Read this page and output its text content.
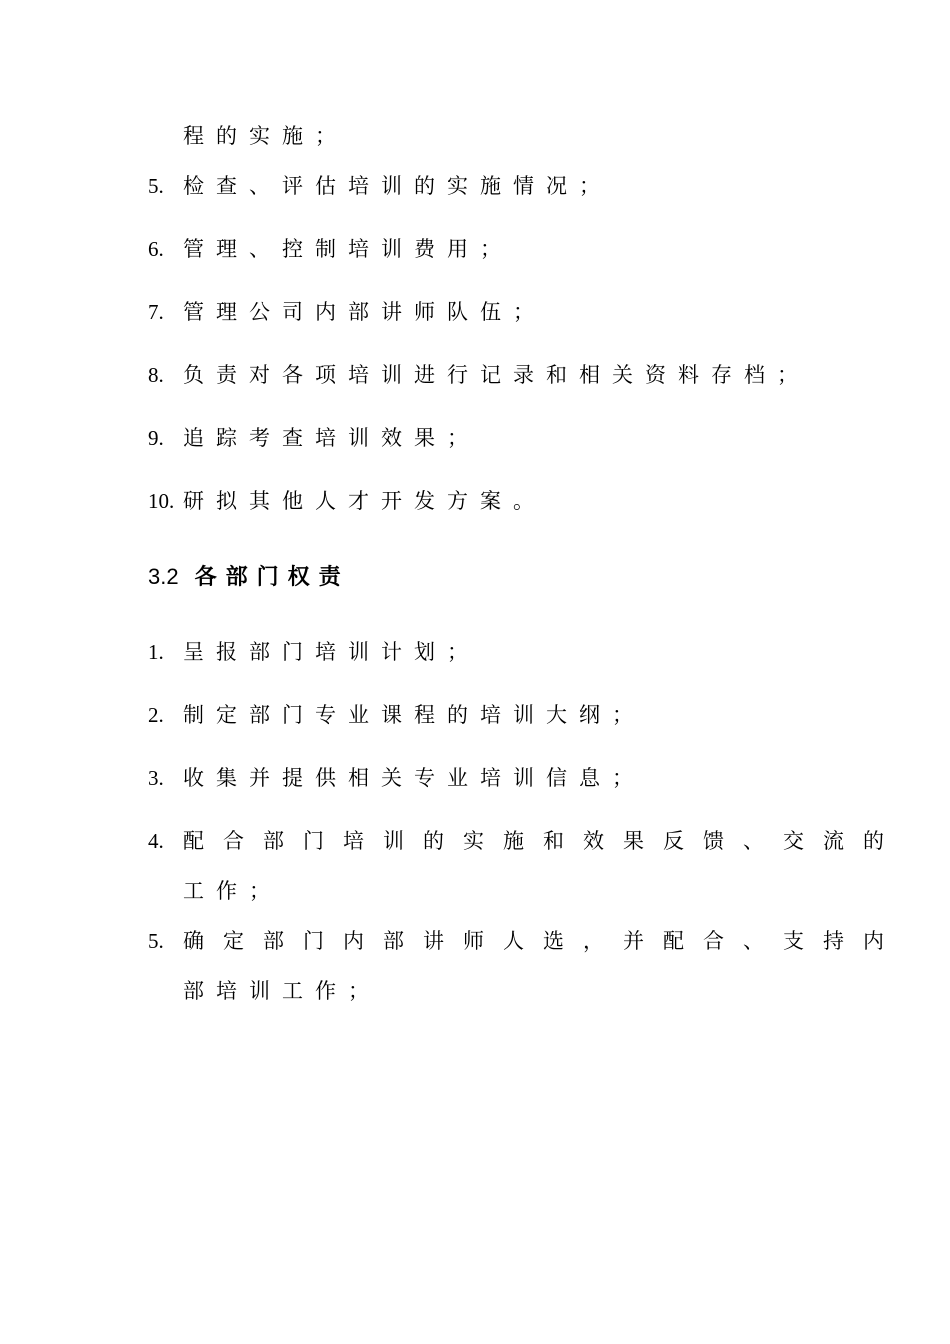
程的实施；
5. 检查、评估培训的实施情况；
6. 管理、控制培训费用；
7. 管理公司内部讲师队伍；
8. 负责对各项培训进行记录和相关资料存档；
9. 追踪考查培训效果；
10. 研拟其他人才开发方案。
3.2 各部门权责
1. 呈报部门培训计划；
2. 制定部门专业课程的培训大纲；
3. 收集并提供相关专业培训信息；
4. 配合部门培训的实施和效果反馈、交流的
工作；
5. 确定部门内部讲师人选，并配合、支持内
部培训工作；
